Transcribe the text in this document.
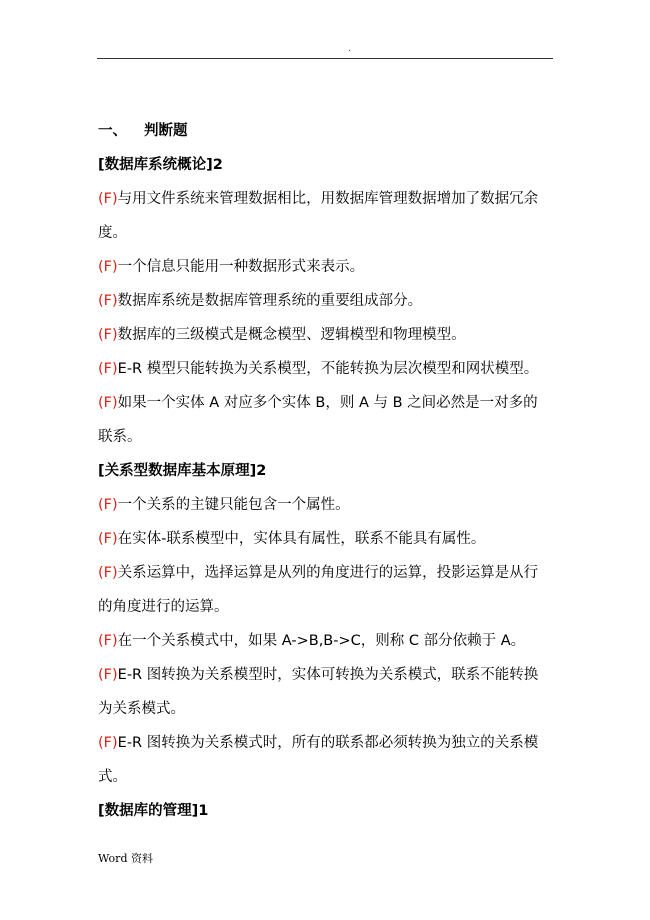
.
一、 判断题
[数据库系统概论]2
(F)与用文件系统来管理数据相比，用数据库管理数据增加了数据冗余
度。
(F)一个信息只能用一种数据形式来表示。
(F)数据库系统是数据库管理系统的重要组成部分。
(F)数据库的三级模式是概念模型、逻辑模型和物理模型。
(F)E-R 模型只能转换为关系模型，不能转换为层次模型和网状模型。
(F)如果一个实体 A 对应多个实体 B，则 A 与 B 之间必然是一对多的
联系。
[关系型数据库基本原理]2
(F)一个关系的主键只能包含一个属性。
(F)在实体-联系模型中，实体具有属性，联系不能具有属性。
(F)关系运算中，选择运算是从列的角度进行的运算，投影运算是从行
的角度进行的运算。
(F)在一个关系模式中，如果 A->B,B->C，则称 C 部分依赖于 A。
(F)E-R 图转换为关系模型时，实体可转换为关系模式，联系不能转换
为关系模式。
(F)E-R 图转换为关系模式时，所有的联系都必须转换为独立的关系模
式。
[数据库的管理]1
Word 资料
